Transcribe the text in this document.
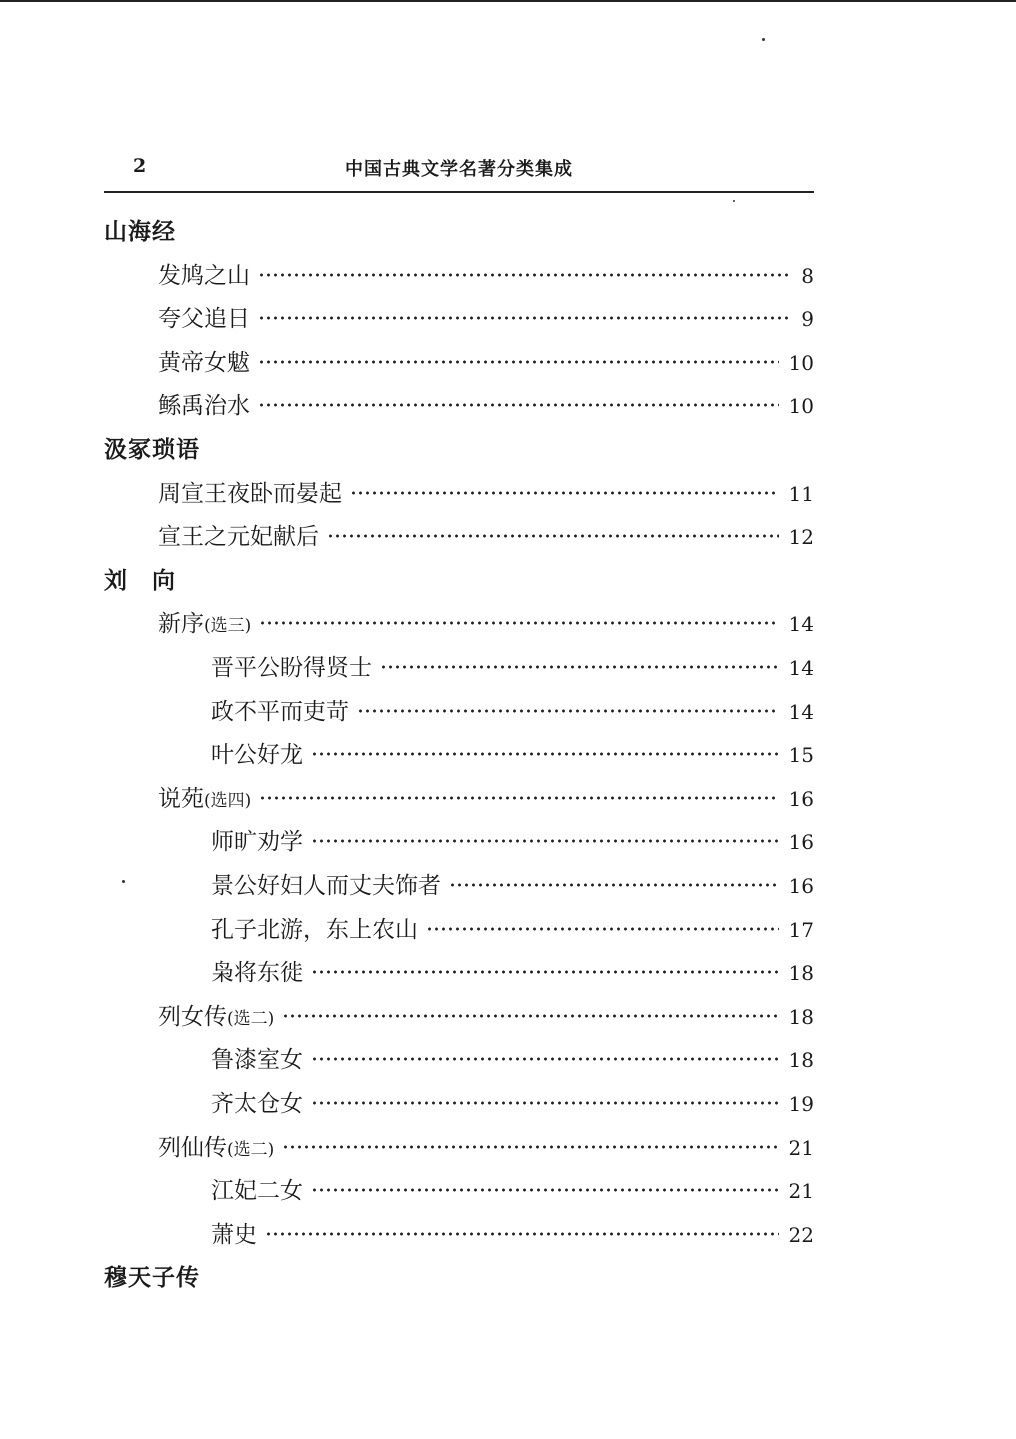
2	中国古典文学名著分类集成
山海经
发鸠之山	8
夸父追日	9
黄帝女魃	10
鲧禹治水	10
汲冢琐语
周宣王夜卧而晏起	11
宣王之元妃献后	12
刘　向
新序 (选三)	14
晋平公盼得贤士	14
政不平而吏苛	14
叶公好龙	15
说苑 (选四)	16
师旷劝学	16
景公好妇人而丈夫饰者	16
孔子北游，东上农山	17
枭将东徙	18
列女传 (选二)	18
鲁漆室女	18
齐太仓女	19
列仙传 (选二)	21
江妃二女	21
萧史	22
穆天子传
